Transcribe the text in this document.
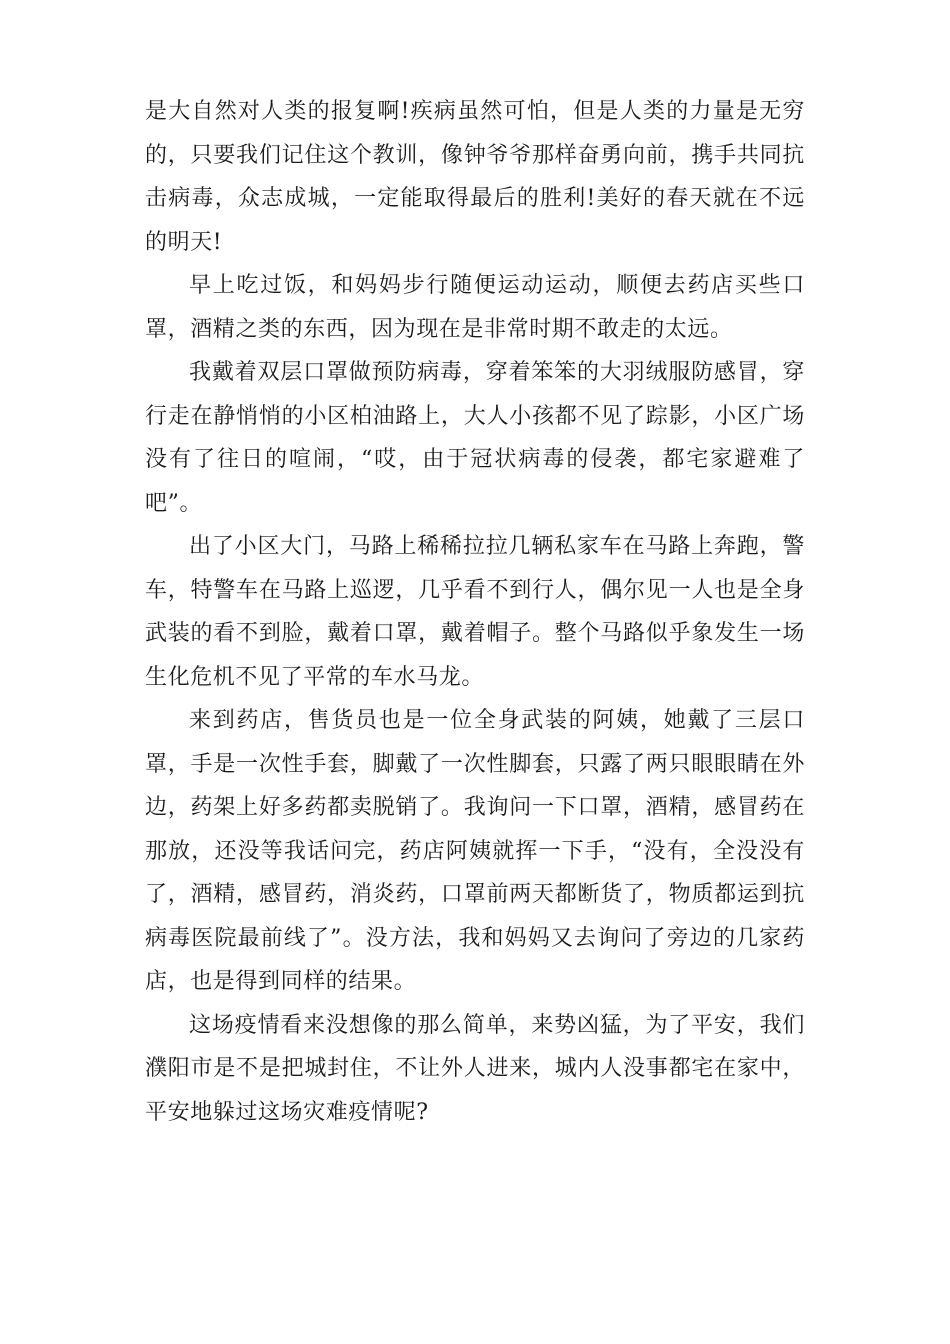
是大自然对人类的报复啊!疾病虽然可怕，但是人类的力量是无穷的，只要我们记住这个教训，像钟爷爷那样奋勇向前，携手共同抗击病毒，众志成城，一定能取得最后的胜利!美好的春天就在不远的明天!

早上吃过饭，和妈妈步行随便运动运动，顺便去药店买些口罩，酒精之类的东西，因为现在是非常时期不敢走的太远。

我戴着双层口罩做预防病毒，穿着笨笨的大羽绒服防感冒，穿行走在静悄悄的小区柏油路上，大人小孩都不见了踪影，小区广场没有了往日的喧闹，“哎，由于冠状病毒的侵袭，都宅家避难了吧”。

出了小区大门，马路上稀稀拉拉几辆私家车在马路上奔跑，警车，特警车在马路上巡逻，几乎看不到行人，偶尔见一人也是全身武装的看不到脸，戴着口罩，戴着帽子。整个马路似乎象发生一场生化危机不见了平常的车水马龙。

来到药店，售货员也是一位全身武装的阿姨，她戴了三层口罩，手是一次性手套，脚戴了一次性脚套，只露了两只眼眼睛在外边，药架上好多药都卖脱销了。我询问一下口罩，酒精，感冒药在那放，还没等我话问完，药店阿姨就挥一下手，“没有，全没没有了，酒精，感冒药，消炎药，口罩前两天都断货了，物质都运到抗病毒医院最前线了”。没方法，我和妈妈又去询问了旁边的几家药店，也是得到同样的结果。

这场疫情看来没想像的那么简单，来势凶猛，为了平安，我们濮阳市是不是把城封住，不让外人进来，城内人没事都宅在家中，平安地躲过这场灾难疫情呢?
